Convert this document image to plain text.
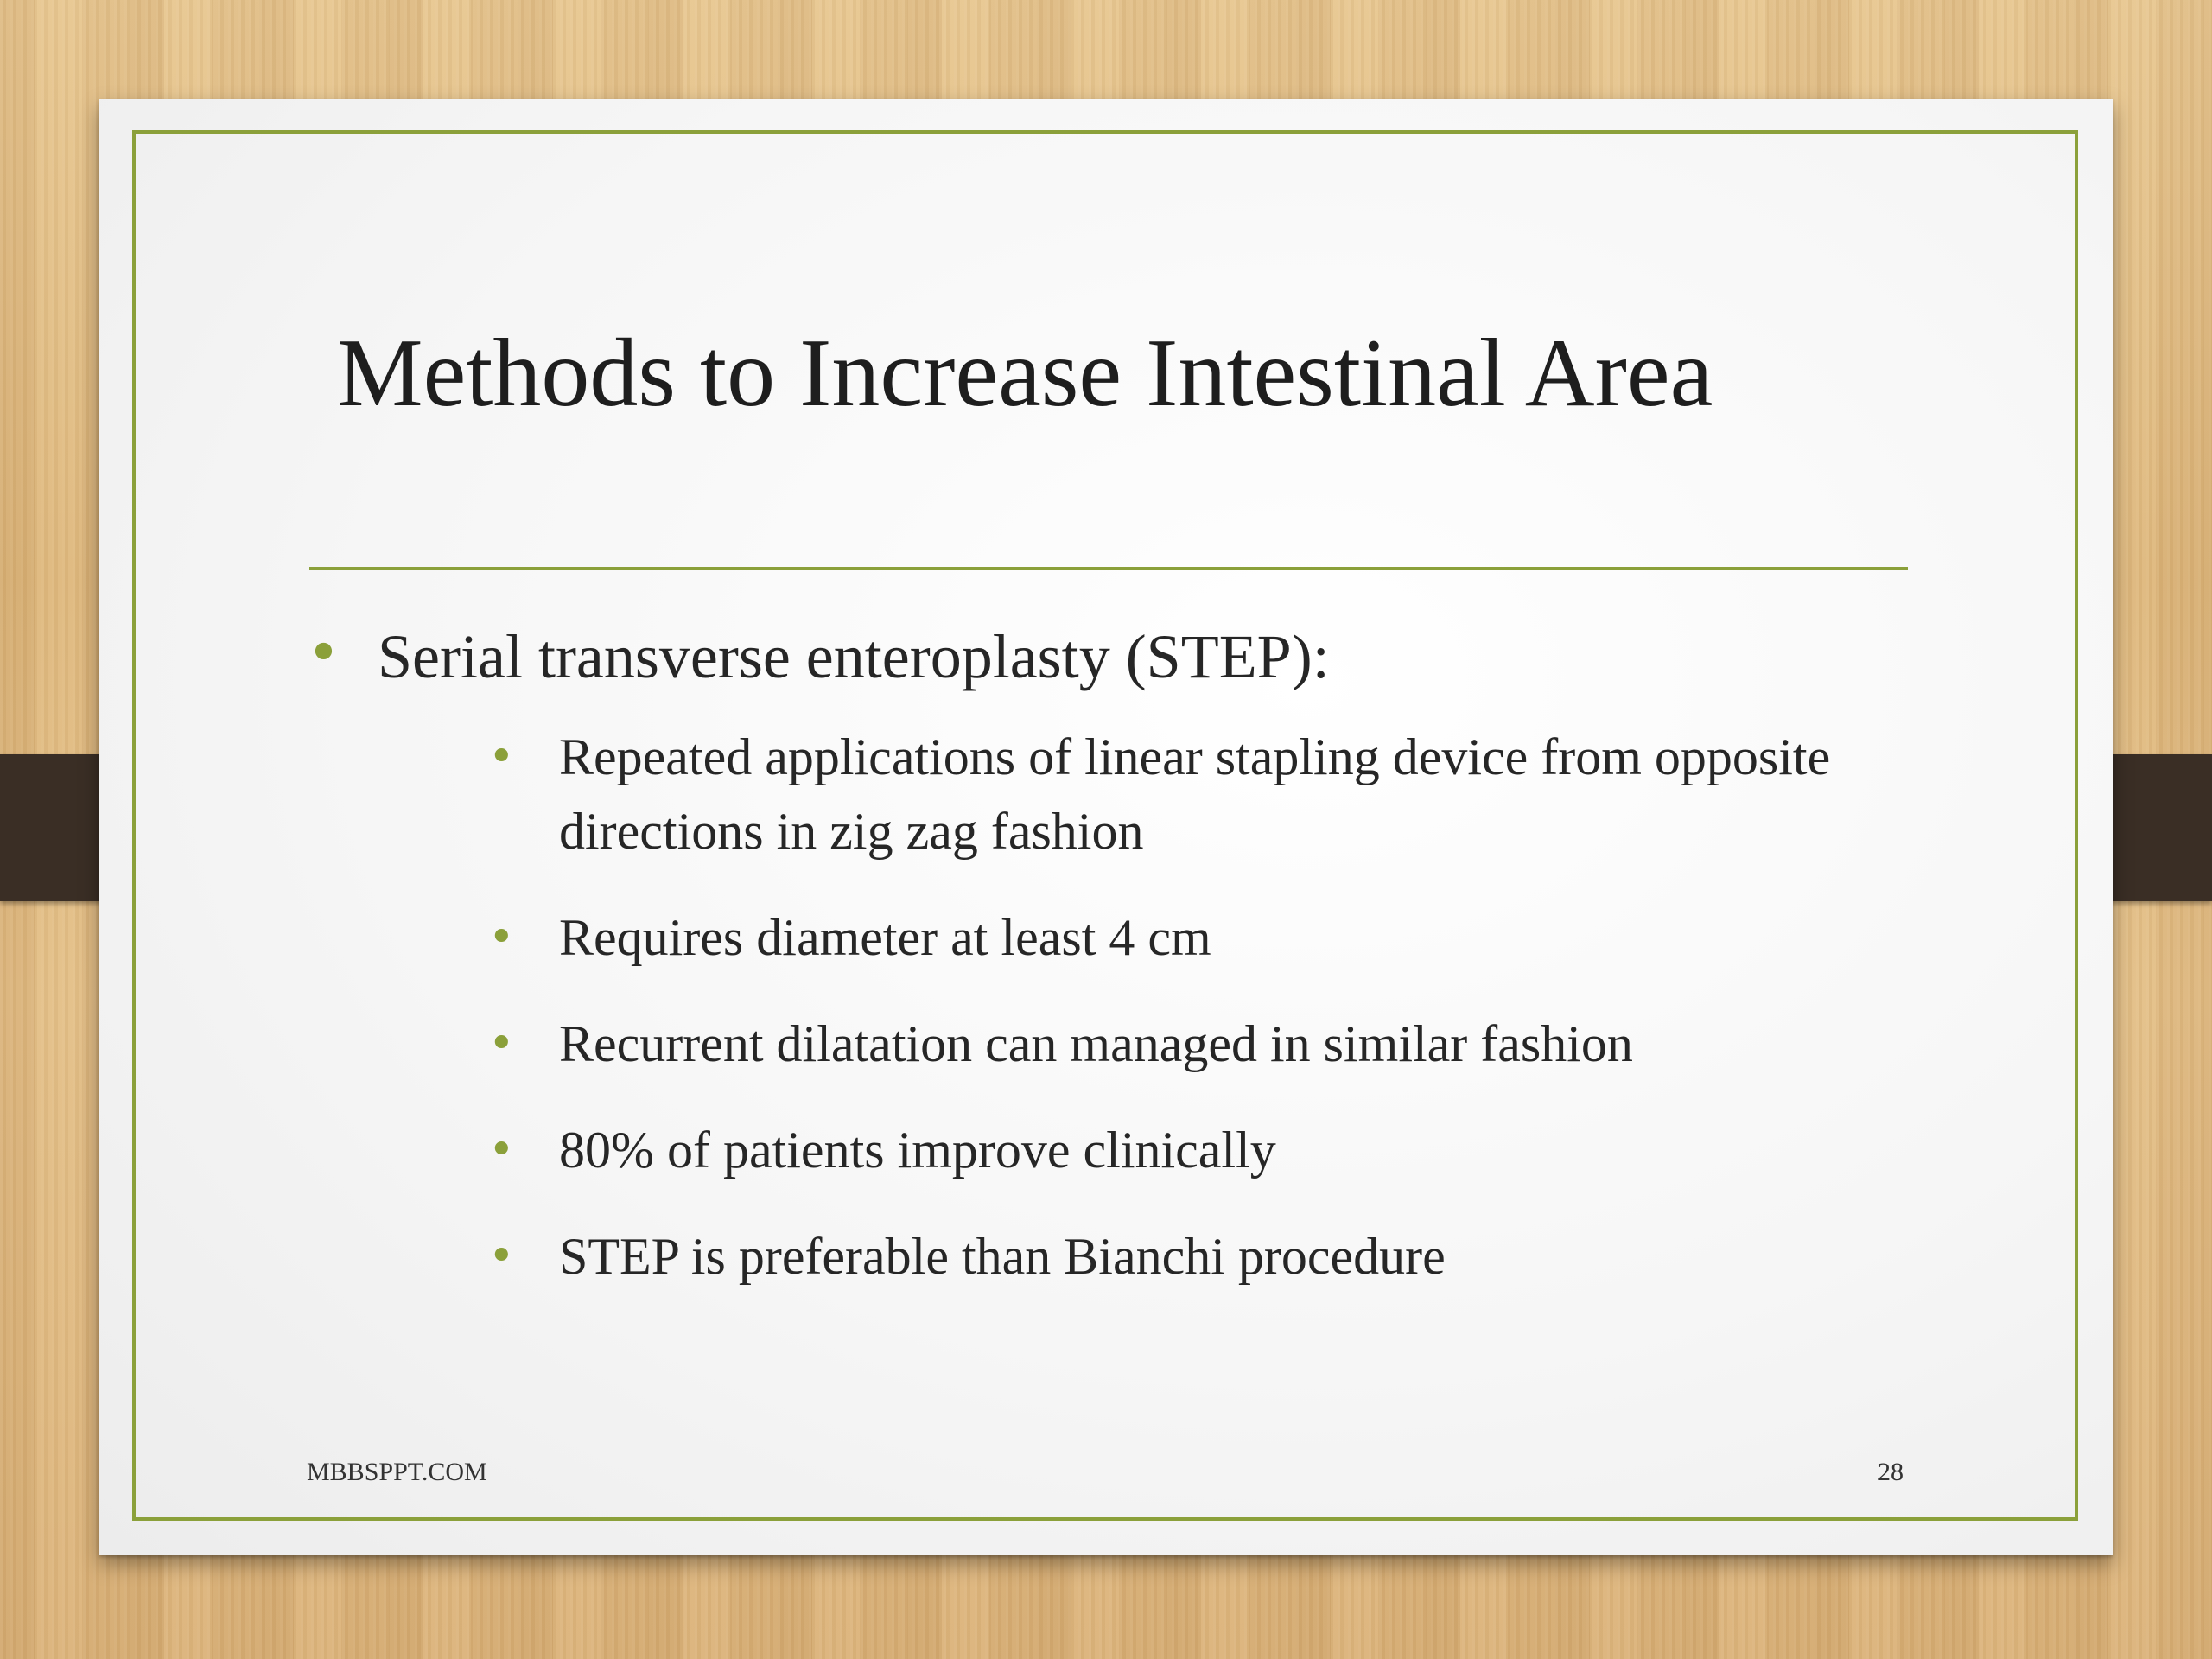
Methods to Increase Intestinal Area
• Serial transverse enteroplasty (STEP):
• Repeated applications of linear stapling device from opposite directions in zig zag fashion
• Requires diameter at least 4 cm
• Recurrent dilatation can managed in similar fashion
• 80% of patients improve clinically
• STEP is preferable than Bianchi procedure
MBBSPPT.COM	28
